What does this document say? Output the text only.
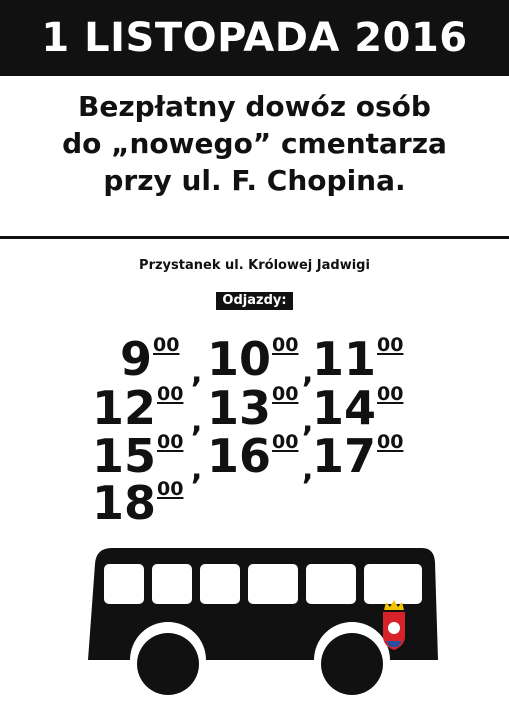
1 LISTOPADA 2016
Bezpłatny dowóz osób
do „nowego” cmentarza
przy ul. F. Chopina.
Przystanek ul. Królowej Jadwigi
Odjazdy:
900
, 1000
,
1100
1200
, 1300
,
1400
1500
, 1600
,
1700
1800
